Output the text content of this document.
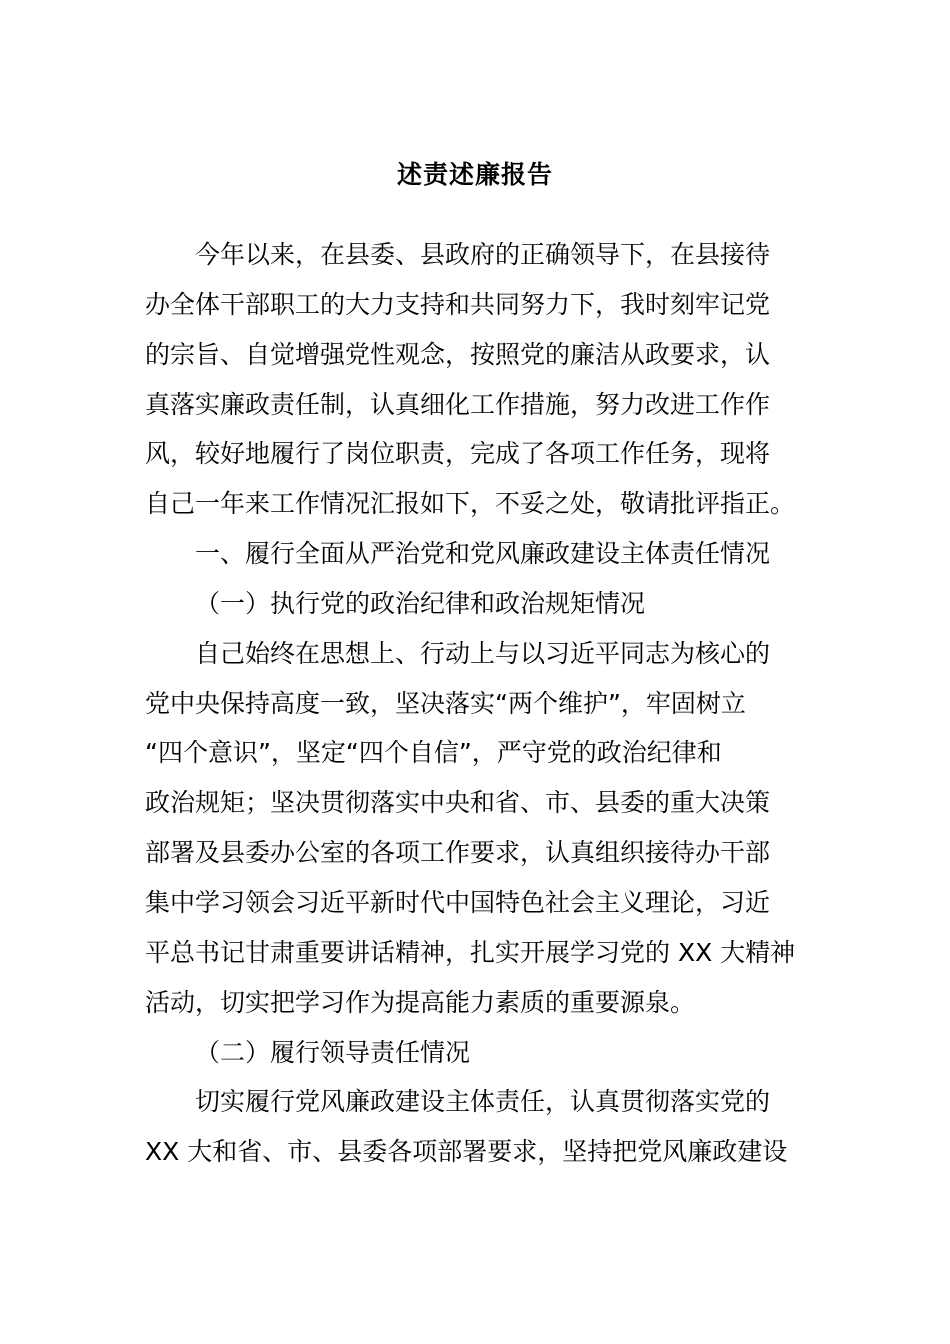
述责述廉报告
今年以来，在县委、县政府的正确领导下，在县接待
办全体干部职工的大力支持和共同努力下，我时刻牢记党
的宗旨、自觉增强党性观念，按照党的廉洁从政要求，认
真落实廉政责任制，认真细化工作措施，努力改进工作作
风，较好地履行了岗位职责，完成了各项工作任务，现将
自己一年来工作情况汇报如下，不妥之处，敬请批评指正。
一、履行全面从严治党和党风廉政建设主体责任情况
（一）执行党的政治纪律和政治规矩情况
自己始终在思想上、行动上与以习近平同志为核心的
党中央保持高度一致，坚决落实“两个维护”，牢固树立
“四个意识”，坚定“四个自信”，严守党的政治纪律和
政治规矩；坚决贯彻落实中央和省、市、县委的重大决策
部署及县委办公室的各项工作要求，认真组织接待办干部
集中学习领会习近平新时代中国特色社会主义理论，习近
平总书记甘肃重要讲话精神，扎实开展学习党的 XX 大精神
活动，切实把学习作为提高能力素质的重要源泉。
（二）履行领导责任情况
切实履行党风廉政建设主体责任，认真贯彻落实党的
XX 大和省、市、县委各项部署要求，坚持把党风廉政建设
